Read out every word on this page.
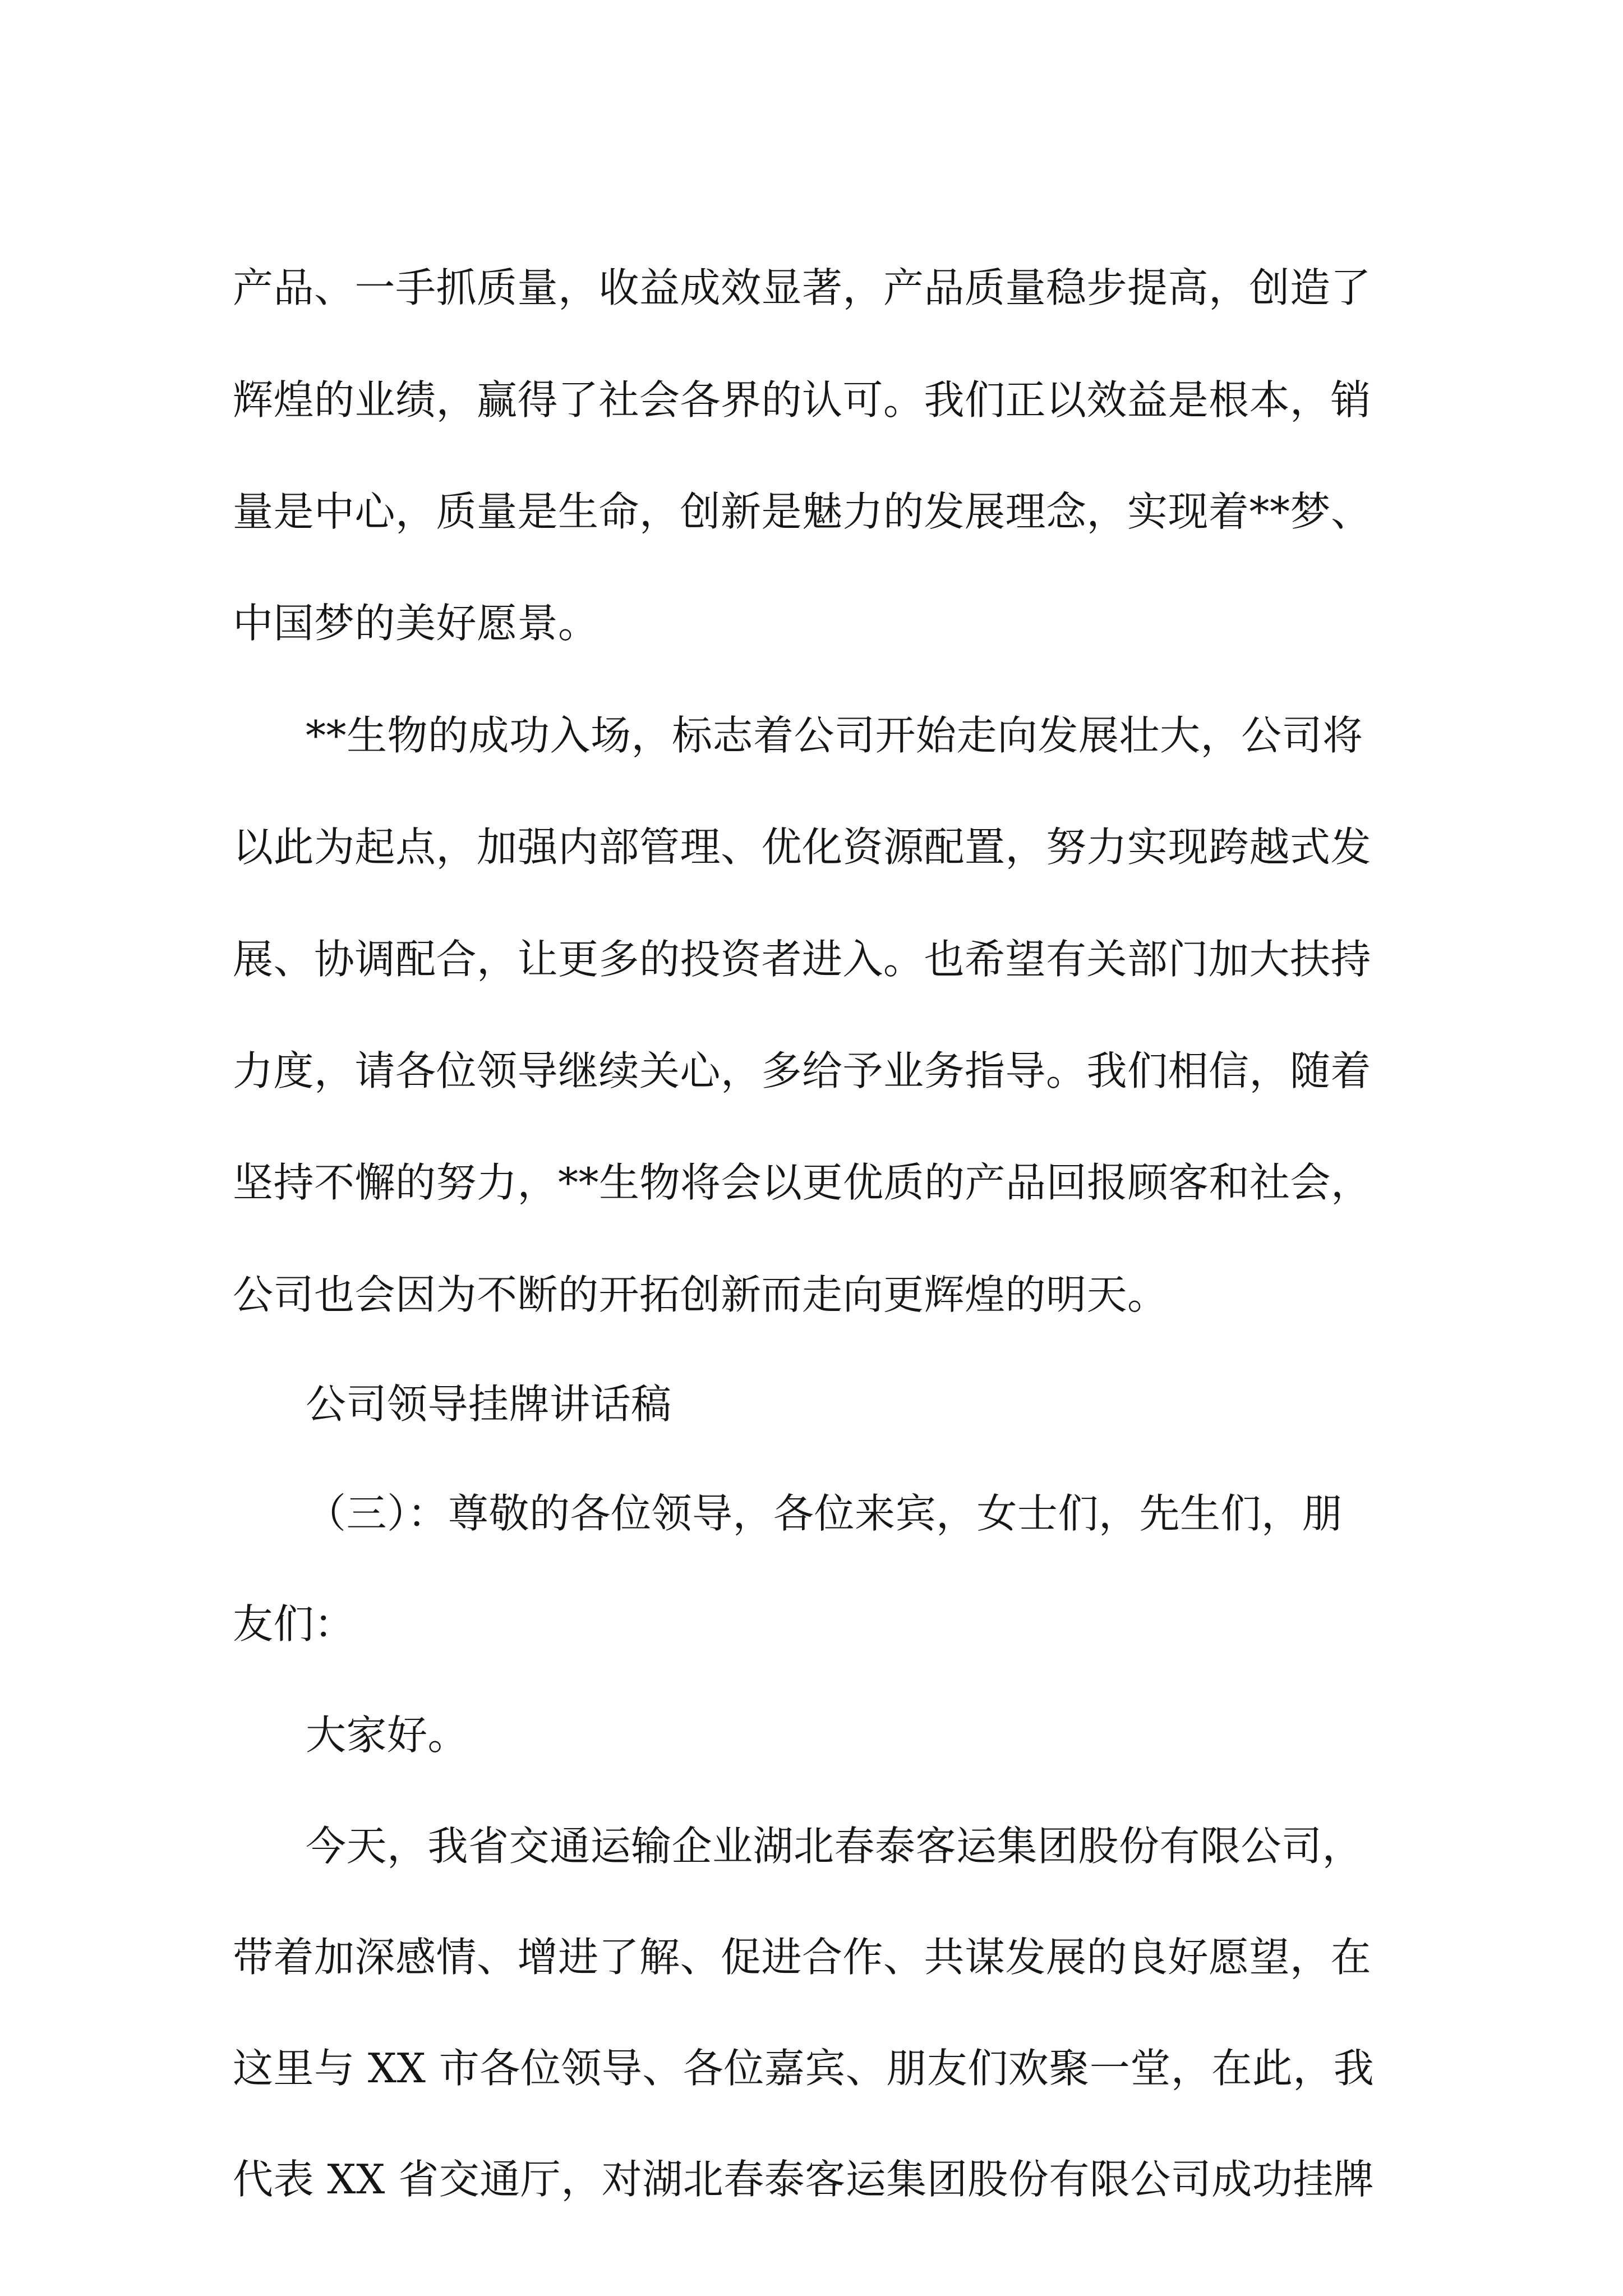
产品、一手抓质量，收益成效显著，产品质量稳步提高，创造了
辉煌的业绩，赢得了社会各界的认可。我们正以效益是根本，销
量是中心，质量是生命，创新是魅力的发展理念，实现着**梦、
中国梦的美好愿景。
**生物的成功入场，标志着公司开始走向发展壮大，公司将
以此为起点，加强内部管理、优化资源配置，努力实现跨越式发
展、协调配合，让更多的投资者进入。也希望有关部门加大扶持
力度，请各位领导继续关心，多给予业务指导。我们相信，随着
坚持不懈的努力，**生物将会以更优质的产品回报顾客和社会，
公司也会因为不断的开拓创新而走向更辉煌的明天。
公司领导挂牌讲话稿
（三）：尊敬的各位领导，各位来宾，女士们，先生们，朋
友们：
大家好。
今天，我省交通运输企业湖北春泰客运集团股份有限公司，
带着加深感情、增进了解、促进合作、共谋发展的良好愿望，在
这里与 XX 市各位领导、各位嘉宾、朋友们欢聚一堂，在此，我
代表 XX 省交通厅，对湖北春泰客运集团股份有限公司成功挂牌
